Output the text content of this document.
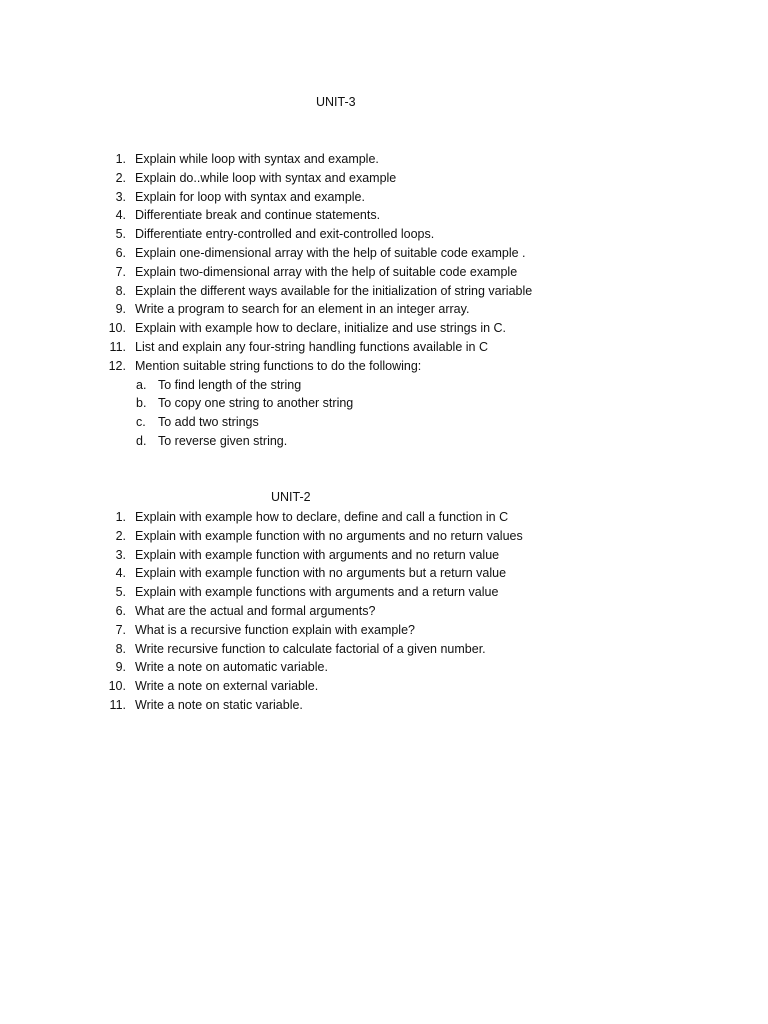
UNIT-3
1. Explain while loop with syntax and example.
2. Explain do..while loop with syntax and example
3. Explain for loop with syntax and example.
4. Differentiate break and continue statements.
5. Differentiate entry-controlled and exit-controlled loops.
6. Explain one-dimensional array with the help of suitable code example .
7. Explain two-dimensional array with the help of suitable code example
8. Explain the different ways available for the initialization of string variable
9. Write a program to search for an element in an integer array.
10. Explain with example how to declare, initialize and use strings in C.
11. List and explain any four-string handling functions available in C
12. Mention suitable string functions to do the following:
a. To find length of the string
b. To copy one string to another string
c. To add two strings
d. To reverse given string.
UNIT-2
1. Explain with example how to declare, define and call a function in C
2. Explain with example function with no arguments and no return values
3. Explain with example function with arguments and no return value
4. Explain with example function with no arguments but a return value
5. Explain with example functions with arguments and a return value
6. What are the actual and formal arguments?
7. What is a recursive function explain with example?
8. Write recursive function to calculate factorial of a given number.
9. Write a note on automatic variable.
10. Write a note on external variable.
11. Write a note on static variable.
